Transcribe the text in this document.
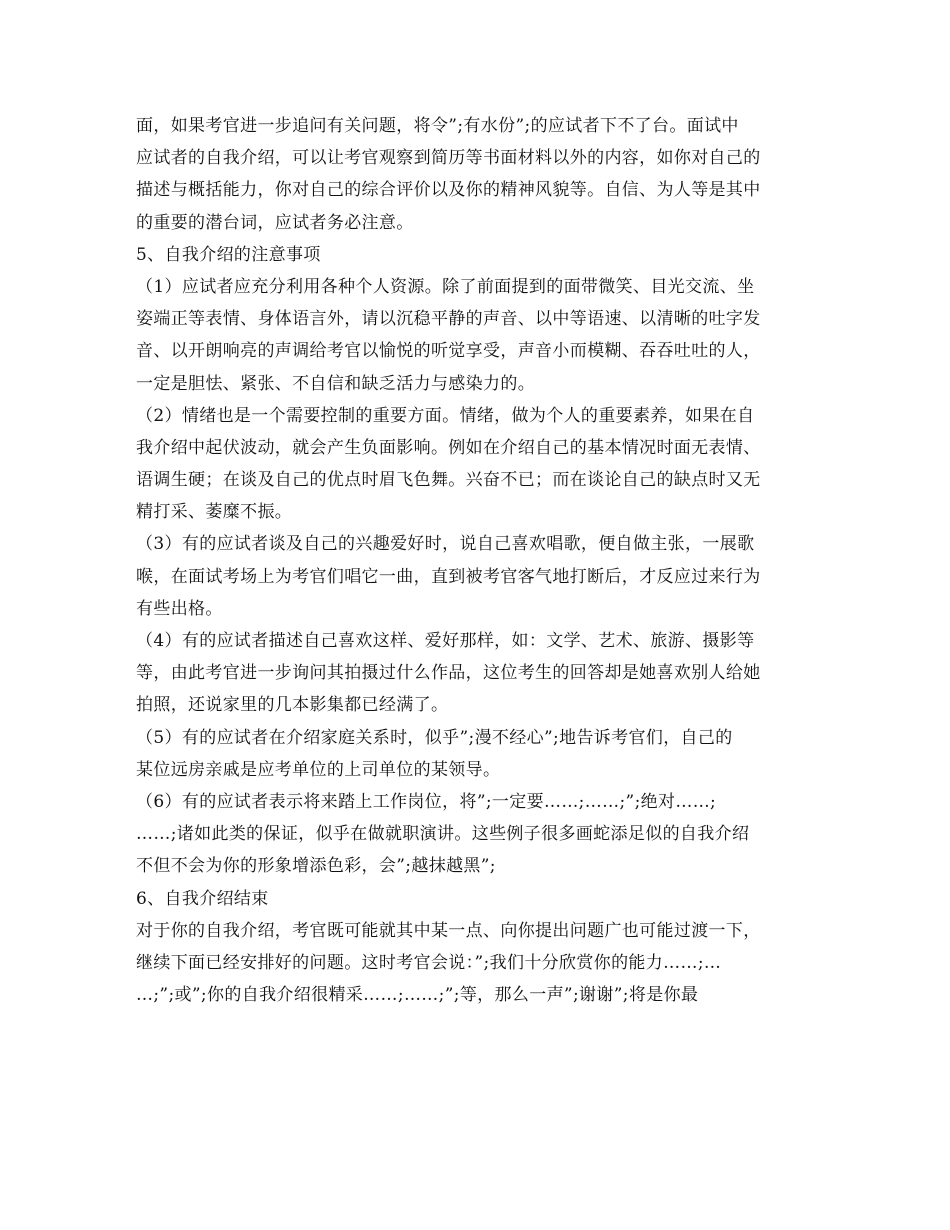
面，如果考官进一步追问有关问题，将令”;有水份”;的应试者下不了台。面试中
应试者的自我介绍，可以让考官观察到简历等书面材料以外的内容，如你对自己的
描述与概括能力，你对自己的综合评价以及你的精神风貌等。自信、为人等是其中
的重要的潜台词，应试者务必注意。
5、自我介绍的注意事项
（1）应试者应充分利用各种个人资源。除了前面提到的面带微笑、目光交流、坐
姿端正等表情、身体语言外，请以沉稳平静的声音、以中等语速、以清晰的吐字发
音、以开朗响亮的声调给考官以愉悦的听觉享受，声音小而模糊、吞吞吐吐的人，
一定是胆怯、紧张、不自信和缺乏活力与感染力的。
（2）情绪也是一个需要控制的重要方面。情绪，做为个人的重要素养，如果在自
我介绍中起伏波动，就会产生负面影响。例如在介绍自己的基本情况时面无表情、
语调生硬；在谈及自己的优点时眉飞色舞。兴奋不已；而在谈论自己的缺点时又无
精打采、萎糜不振。
（3）有的应试者谈及自己的兴趣爱好时，说自己喜欢唱歌，便自做主张，一展歌
喉，在面试考场上为考官们唱它一曲，直到被考官客气地打断后，才反应过来行为
有些出格。
（4）有的应试者描述自己喜欢这样、爱好那样，如：文学、艺术、旅游、摄影等
等，由此考官进一步询问其拍摄过什么作品，这位考生的回答却是她喜欢别人给她
拍照，还说家里的几本影集都已经满了。
（5）有的应试者在介绍家庭关系时，似乎”;漫不经心”;地告诉考官们，自己的
某位远房亲戚是应考单位的上司单位的某领导。
（6）有的应试者表示将来踏上工作岗位，将”;一定要……;……;”;绝对……;
……;诸如此类的保证，似乎在做就职演讲。这些例子很多画蛇添足似的自我介绍
不但不会为你的形象增添色彩，会”;越抹越黑”;
6、自我介绍结束
对于你的自我介绍，考官既可能就其中某一点、向你提出问题广也可能过渡一下，
继续下面已经安排好的问题。这时考官会说：”;我们十分欣赏你的能力……;…
…;”;或”;你的自我介绍很精采……;……;”;等，那么一声”;谢谢”;将是你最
